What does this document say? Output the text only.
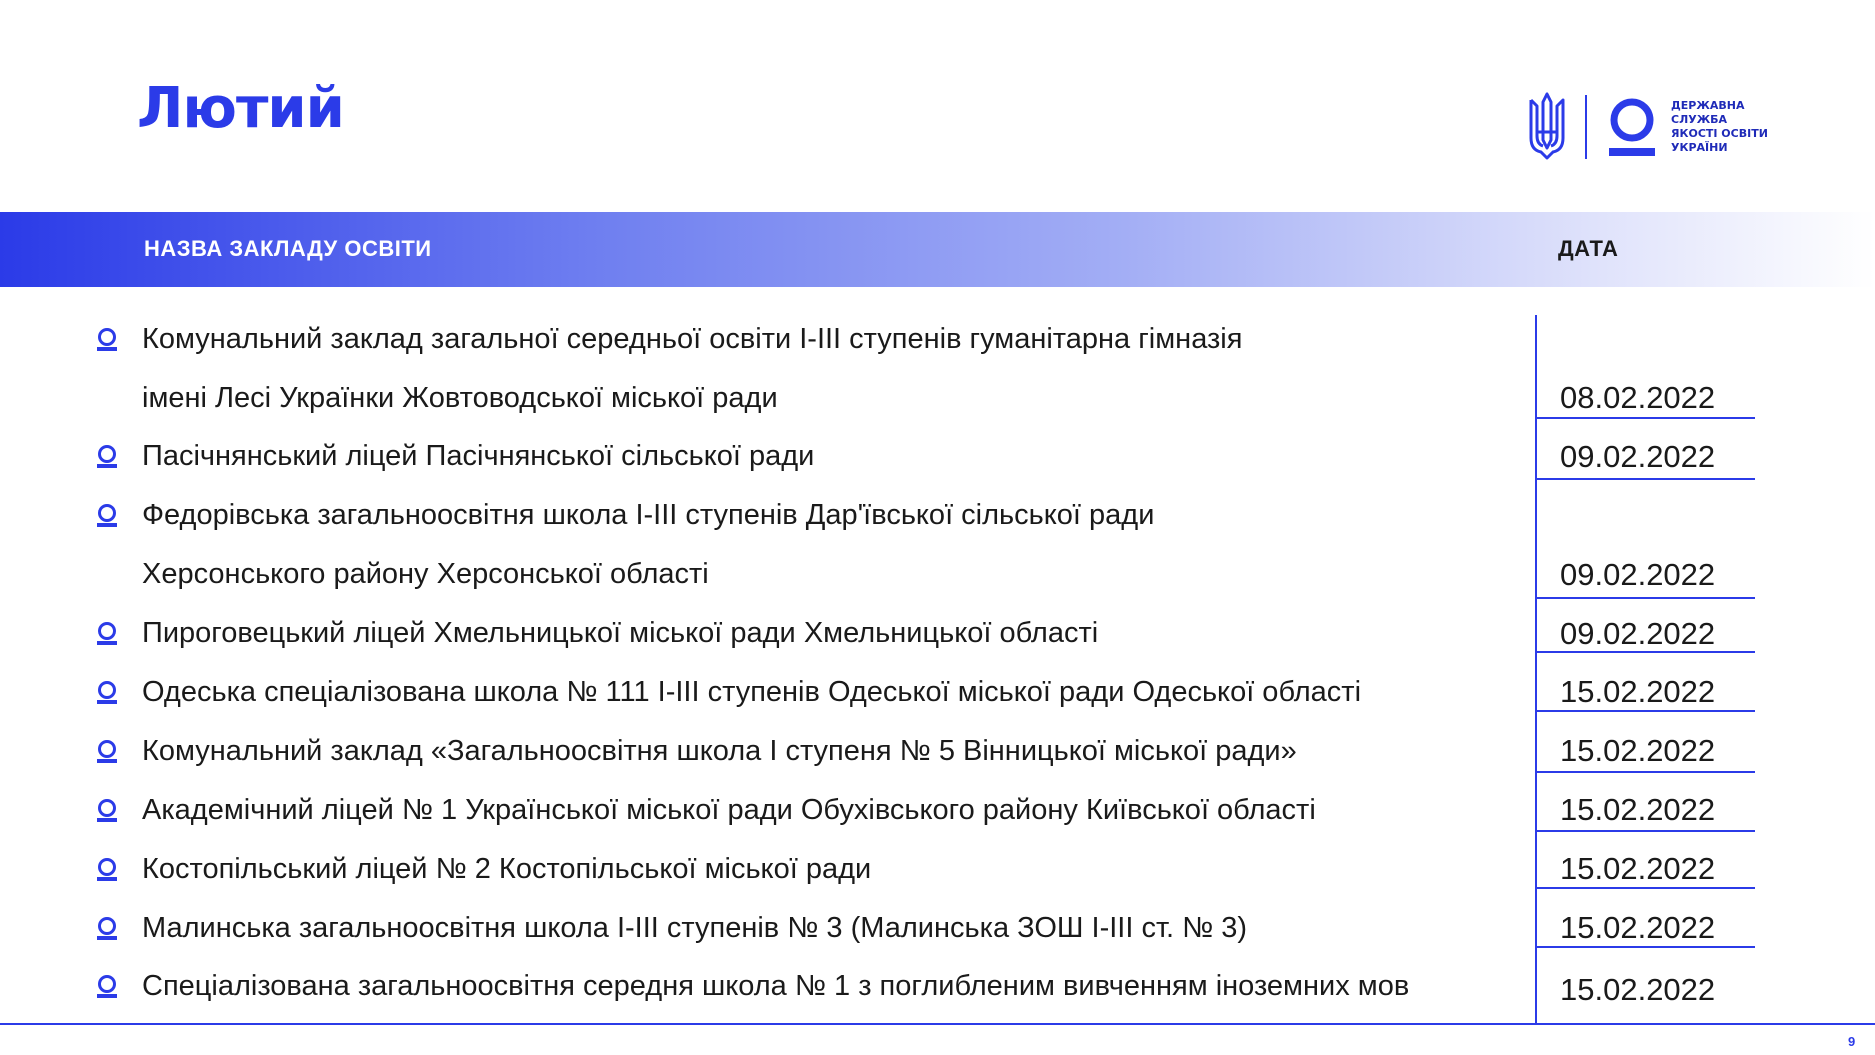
Лютий	ДЕРЖАВНА
СЛУЖБА
ЯКОСТІ ОСВІТИ
УКРАЇНИ
НАЗВА ЗАКЛАДУ ОСВІТИ	ДАТА
Комунальний заклад загальної середньої освіти І-ІІІ ступенів гуманітарна гімназія
імені Лесі Українки Жовтоводської міської ради	08.02.2022
Пасічнянський ліцей Пасічнянської сільської ради	09.02.2022
Федорівська загальноосвітня школа І-ІІІ ступенів Дар'ївської сільської ради
Херсонського району Херсонської області	09.02.2022
Пироговецький ліцей Хмельницької міської ради Хмельницької області	09.02.2022
Одеська спеціалізована школа № 111 І-ІІІ ступенів Одеської міської ради Одеської області	15.02.2022
Комунальний заклад «Загальноосвітня школа І ступеня № 5 Вінницької міської ради»	15.02.2022
Академічний ліцей № 1 Української міської ради Обухівського району Київської області	15.02.2022
Костопільський ліцей № 2 Костопільської міської ради	15.02.2022
Малинська загальноосвітня школа І-ІІІ ступенів № 3 (Малинська ЗОШ І-ІІІ ст. № 3)	15.02.2022
Спеціалізована загальноосвітня середня школа № 1 з поглибленим вивченням іноземних мов	15.02.2022
9
